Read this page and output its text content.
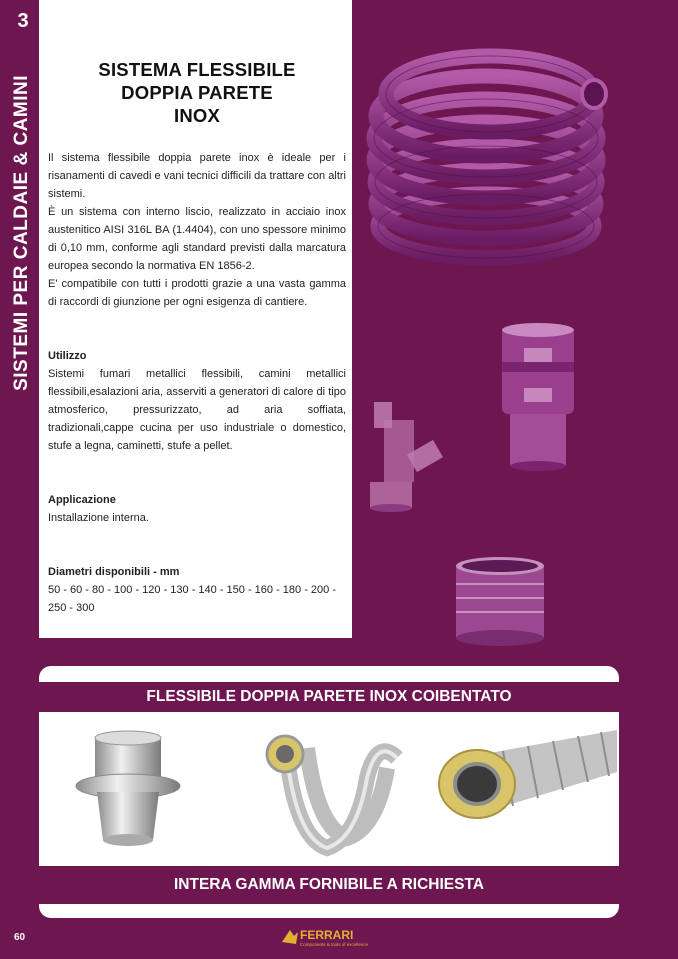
3
SISTEMI PER CALDAIE & CAMINI
SISTEMA FLESSIBILE
DOPPIA PARETE
INOX

Il sistema flessibile doppia parete inox è ideale per i risanamenti di cavedi e vani tecnici difficili da trattare con altri sistemi.

È un sistema con interno liscio, realizzato in acciaio inox austenitico AISI 316L BA (1.4404), con uno spessore minimo di 0,10 mm, conforme agli standard previsti dalla marcatura europea secondo la normativa EN 1856-2.

E' compatibile con tutti i prodotti grazie a una vasta gamma di raccordi di giunzione per ogni esigenza di cantiere.

Utilizzo

Sistemi fumari metallici flessibili, camini metallici flessibili,esalazioni aria, asserviti a generatori di calore di tipo atmosferico, pressurizzato, ad aria soffiata, tradizionali,cappe cucina per uso industriale o domestico, stufe a legna, caminetti, stufe a pellet.

Applicazione

Installazione interna.

Diametri disponibili - mm

50 - 60 - 80 - 100 - 120 - 130 - 140 - 150 - 160 - 180 - 200 - 250 - 300

FLESSIBILE DOPPIA PARETE INOX COIBENTATO
INTERA GAMMA FORNIBILE A RICHIESTA
60	FERRARI
Components & tools of excellence
